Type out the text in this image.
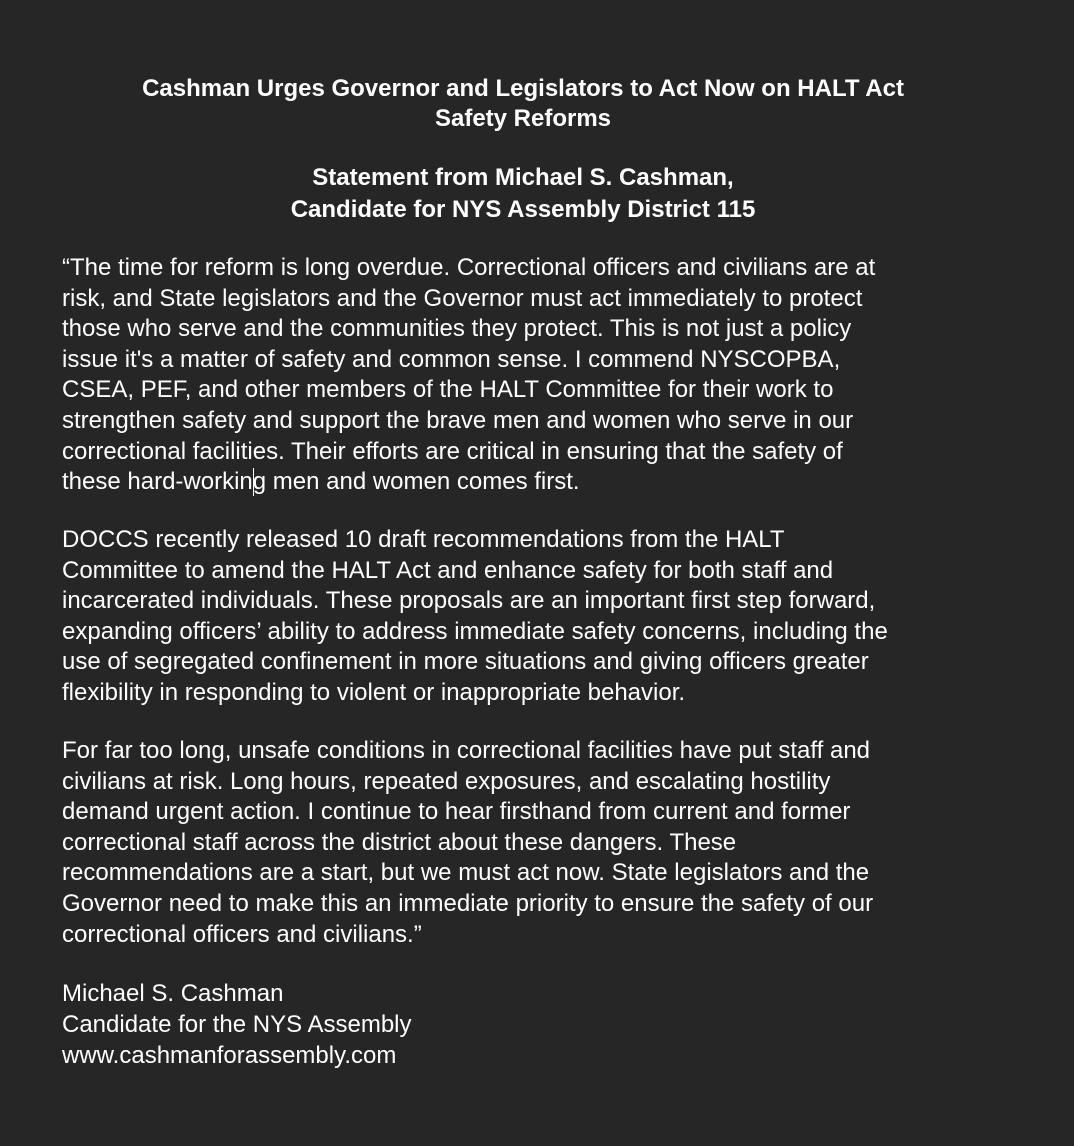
Cashman Urges Governor and Legislators to Act Now on HALT Act
Safety Reforms
Statement from Michael S. Cashman,
Candidate for NYS Assembly District 115
“The time for reform is long overdue. Correctional officers and civilians are at
risk, and State legislators and the Governor must act immediately to protect
those who serve and the communities they protect. This is not just a policy
issue it's a matter of safety and common sense. I commend NYSCOPBA,
CSEA, PEF, and other members of the HALT Committee for their work to
strengthen safety and support the brave men and women who serve in our
correctional facilities. Their efforts are critical in ensuring that the safety of
these hard-working men and women comes first.
DOCCS recently released 10 draft recommendations from the HALT
Committee to amend the HALT Act and enhance safety for both staff and
incarcerated individuals. These proposals are an important first step forward,
expanding officers’ ability to address immediate safety concerns, including the
use of segregated confinement in more situations and giving officers greater
flexibility in responding to violent or inappropriate behavior.
For far too long, unsafe conditions in correctional facilities have put staff and
civilians at risk. Long hours, repeated exposures, and escalating hostility
demand urgent action. I continue to hear firsthand from current and former
correctional staff across the district about these dangers. These
recommendations are a start, but we must act now. State legislators and the
Governor need to make this an immediate priority to ensure the safety of our
correctional officers and civilians.”
Michael S. Cashman
Candidate for the NYS Assembly
www.cashmanforassembly.com
